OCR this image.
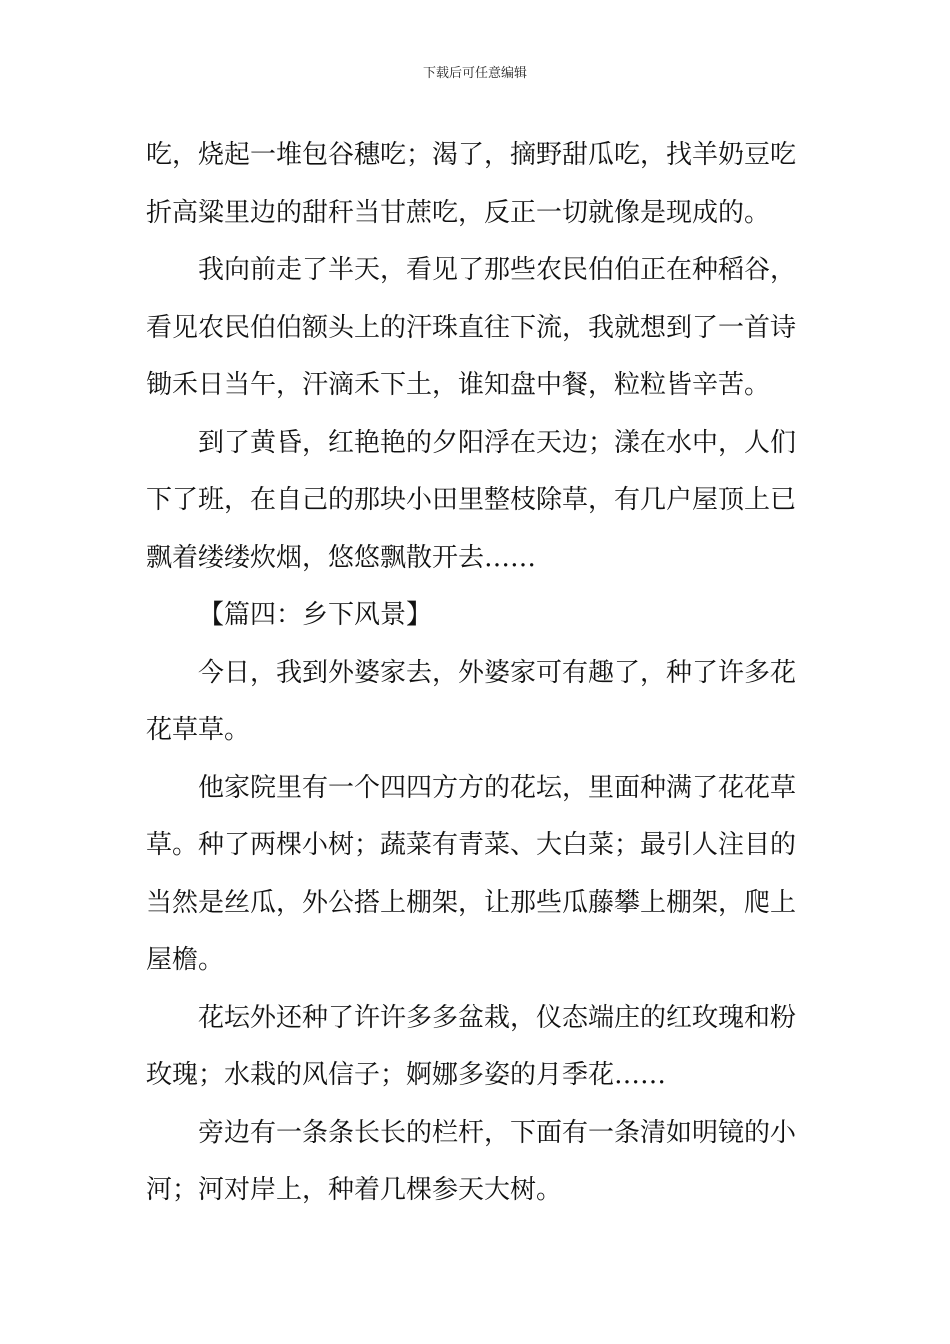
下载后可任意编辑
吃，烧起一堆包谷穗吃；渴了，摘野甜瓜吃，找羊奶豆吃
折高粱里边的甜秆当甘蔗吃，反正一切就像是现成的。
我向前走了半天，看见了那些农民伯伯正在种稻谷，
看见农民伯伯额头上的汗珠直往下流，我就想到了一首诗
锄禾日当午，汗滴禾下土，谁知盘中餐，粒粒皆辛苦。
到了黄昏，红艳艳的夕阳浮在天边；漾在水中，人们
下了班，在自己的那块小田里整枝除草，有几户屋顶上已
飘着缕缕炊烟，悠悠飘散开去……
【篇四：乡下风景】
今日，我到外婆家去，外婆家可有趣了，种了许多花
花草草。
他家院里有一个四四方方的花坛，里面种满了花花草
草。种了两棵小树；蔬菜有青菜、大白菜；最引人注目的
当然是丝瓜，外公搭上棚架，让那些瓜藤攀上棚架，爬上
屋檐。
花坛外还种了许许多多盆栽，仪态端庄的红玫瑰和粉
玫瑰；水栽的风信子；婀娜多姿的月季花……
旁边有一条条长长的栏杆，下面有一条清如明镜的小
河；河对岸上，种着几棵参天大树。
